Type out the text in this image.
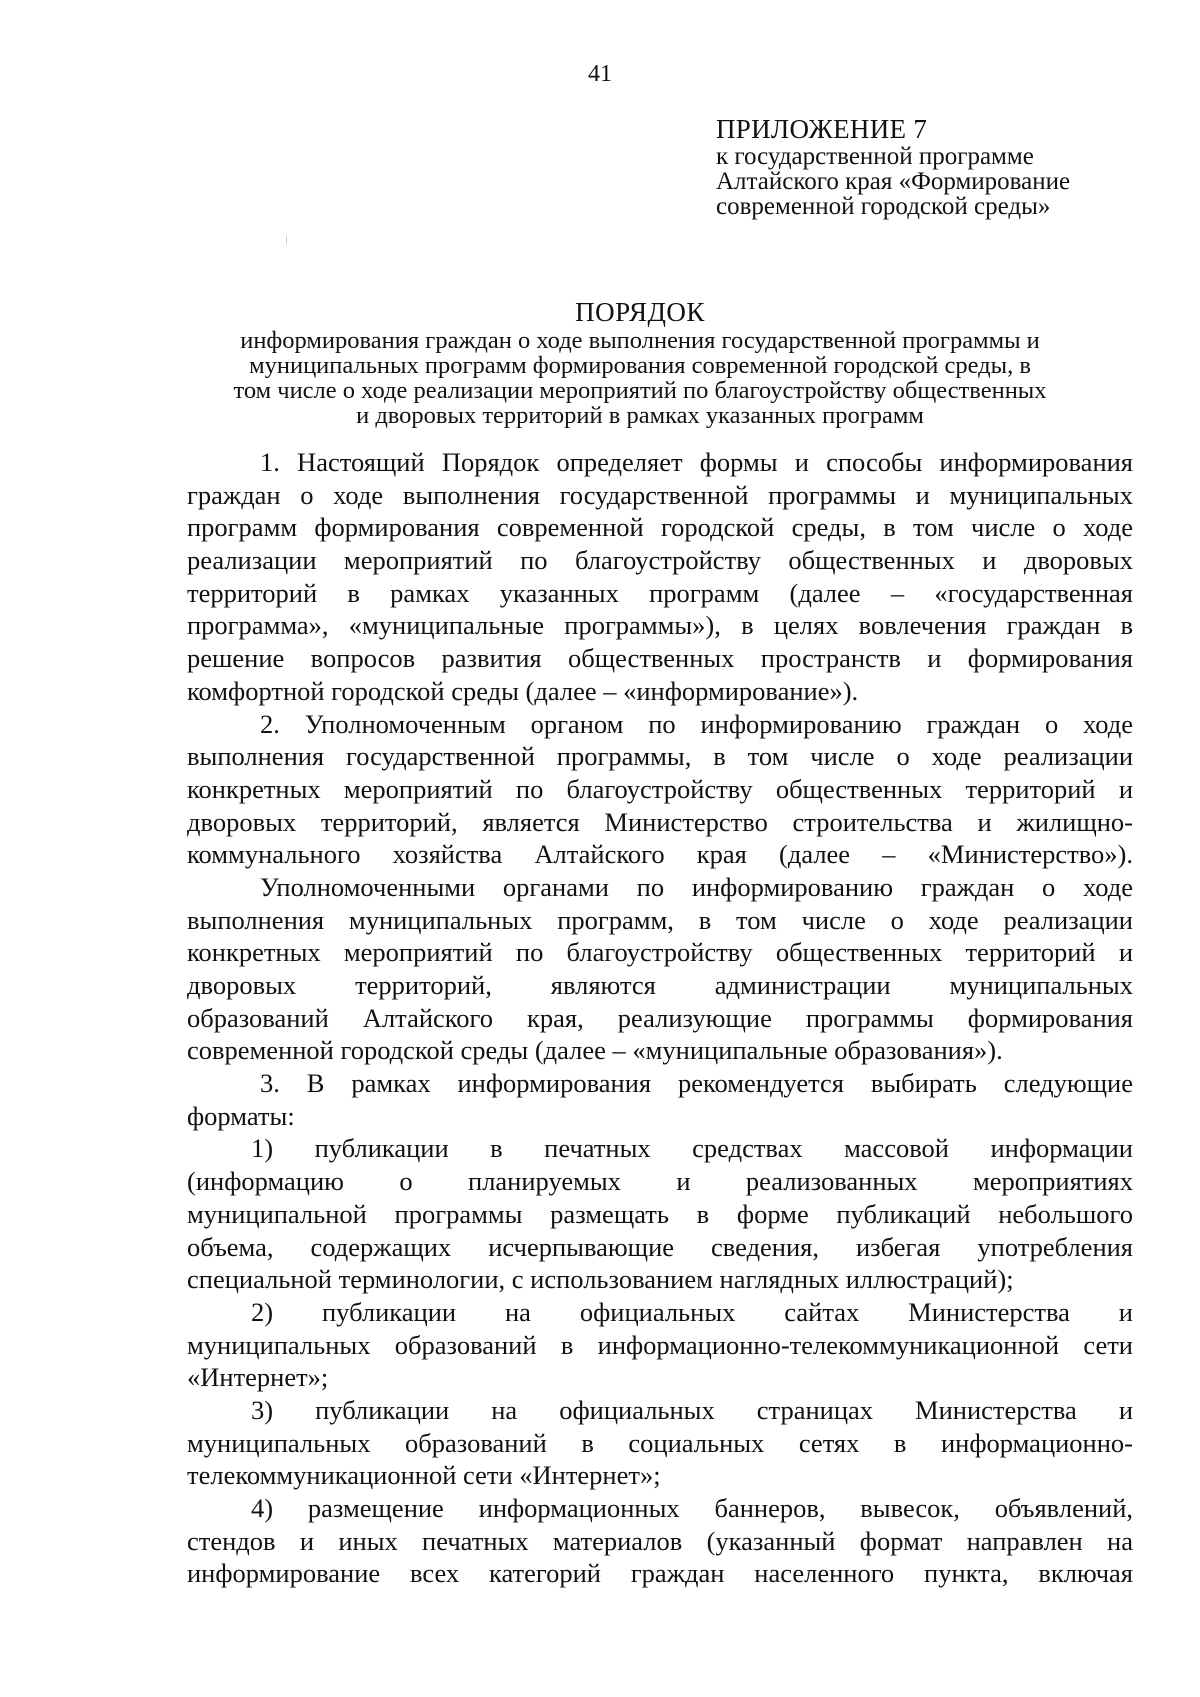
41
ПРИЛОЖЕНИЕ 7
к государственной программе
Алтайского края «Формирование
современной городской среды»
ПОРЯДОК
информирования граждан о ходе выполнения государственной программы и
муниципальных программ формирования современной городской среды, в
том числе о ходе реализации мероприятий по благоустройству общественных
и дворовых территорий в рамках указанных программ
1. Настоящий Порядок определяет формы и способы информирования
граждан о ходе выполнения государственной программы и муниципальных
программ формирования современной городской среды, в том числе о ходе
реализации мероприятий по благоустройству общественных и дворовых
территорий в рамках указанных программ (далее – «государственная
программа», «муниципальные программы»), в целях вовлечения граждан в
решение вопросов развития общественных пространств и формирования
комфортной городской среды (далее – «информирование»).
2. Уполномоченным органом по информированию граждан о ходе
выполнения государственной программы, в том числе о ходе реализации
конкретных мероприятий по благоустройству общественных территорий и
дворовых территорий, является Министерство строительства и жилищно-
коммунального хозяйства Алтайского края (далее – «Министерство»).
Уполномоченными органами по информированию граждан о ходе
выполнения муниципальных программ, в том числе о ходе реализации
конкретных мероприятий по благоустройству общественных территорий и
дворовых территорий, являются администрации муниципальных
образований Алтайского края, реализующие программы формирования
современной городской среды (далее – «муниципальные образования»).
3. В рамках информирования рекомендуется выбирать следующие
форматы:
1) публикации в печатных средствах массовой информации
(информацию о планируемых и реализованных мероприятиях
муниципальной программы размещать в форме публикаций небольшого
объема, содержащих исчерпывающие сведения, избегая употребления
специальной терминологии, с использованием наглядных иллюстраций);
2) публикации на официальных сайтах Министерства и
муниципальных образований в информационно-телекоммуникационной сети
«Интернет»;
3) публикации на официальных страницах Министерства и
муниципальных образований в социальных сетях в информационно-
телекоммуникационной сети «Интернет»;
4) размещение информационных баннеров, вывесок, объявлений,
стендов и иных печатных материалов (указанный формат направлен на
информирование всех категорий граждан населенного пункта, включая
